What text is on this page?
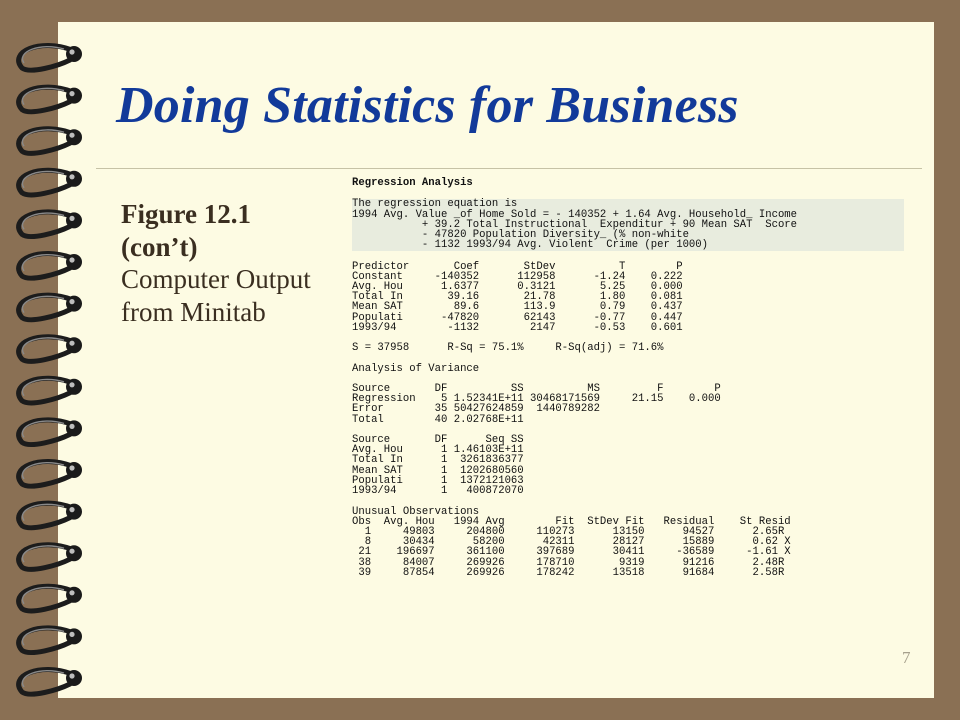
Doing Statistics for Business
Figure 12.1 (con’t)
Computer Output from Minitab
Regression Analysis

The regression equation is
1994 Avg. Value _of Home Sold = - 140352 + 1.64 Avg. Household_ Income
+ 39.2 Total Instructional  Expenditur + 90 Mean SAT  Score
- 47820 Population Diversity_ (% non-white
- 1132 1993/94 Avg. Violent  Crime (per 1000)

Predictor       Coef       StDev          T        P
Constant     -140352      112958      -1.24    0.222
Avg. Hou      1.6377      0.3121       5.25    0.000
Total In       39.16       21.78       1.80    0.081
Mean SAT        89.6       113.9       0.79    0.437
Populati      -47820       62143      -0.77    0.447
1993/94        -1132        2147      -0.53    0.601

S = 37958      R-Sq = 75.1%     R-Sq(adj) = 71.6%

Analysis of Variance

Source       DF          SS          MS         F        P
Regression    5 1.52341E+11 30468171569     21.15    0.000
Error        35 50427624859  1440789282
Total        40 2.02768E+11

Source       DF      Seq SS
Avg. Hou      1 1.46103E+11
Total In      1  3261836377
Mean SAT      1  1202680560
Populati      1  1372121063
1993/94       1   400872070

Unusual Observations
Obs  Avg. Hou   1994 Avg        Fit  StDev Fit   Residual    St Resid
1     49803     204800     110273      13150      94527      2.65R
8     30434      58200      42311      28127      15889      0.62 X
21    196697     361100     397689      30411     -36589     -1.61 X
38     84007     269926     178710       9319      91216      2.48R
39     87854     269926     178242      13518      91684      2.58R
7
